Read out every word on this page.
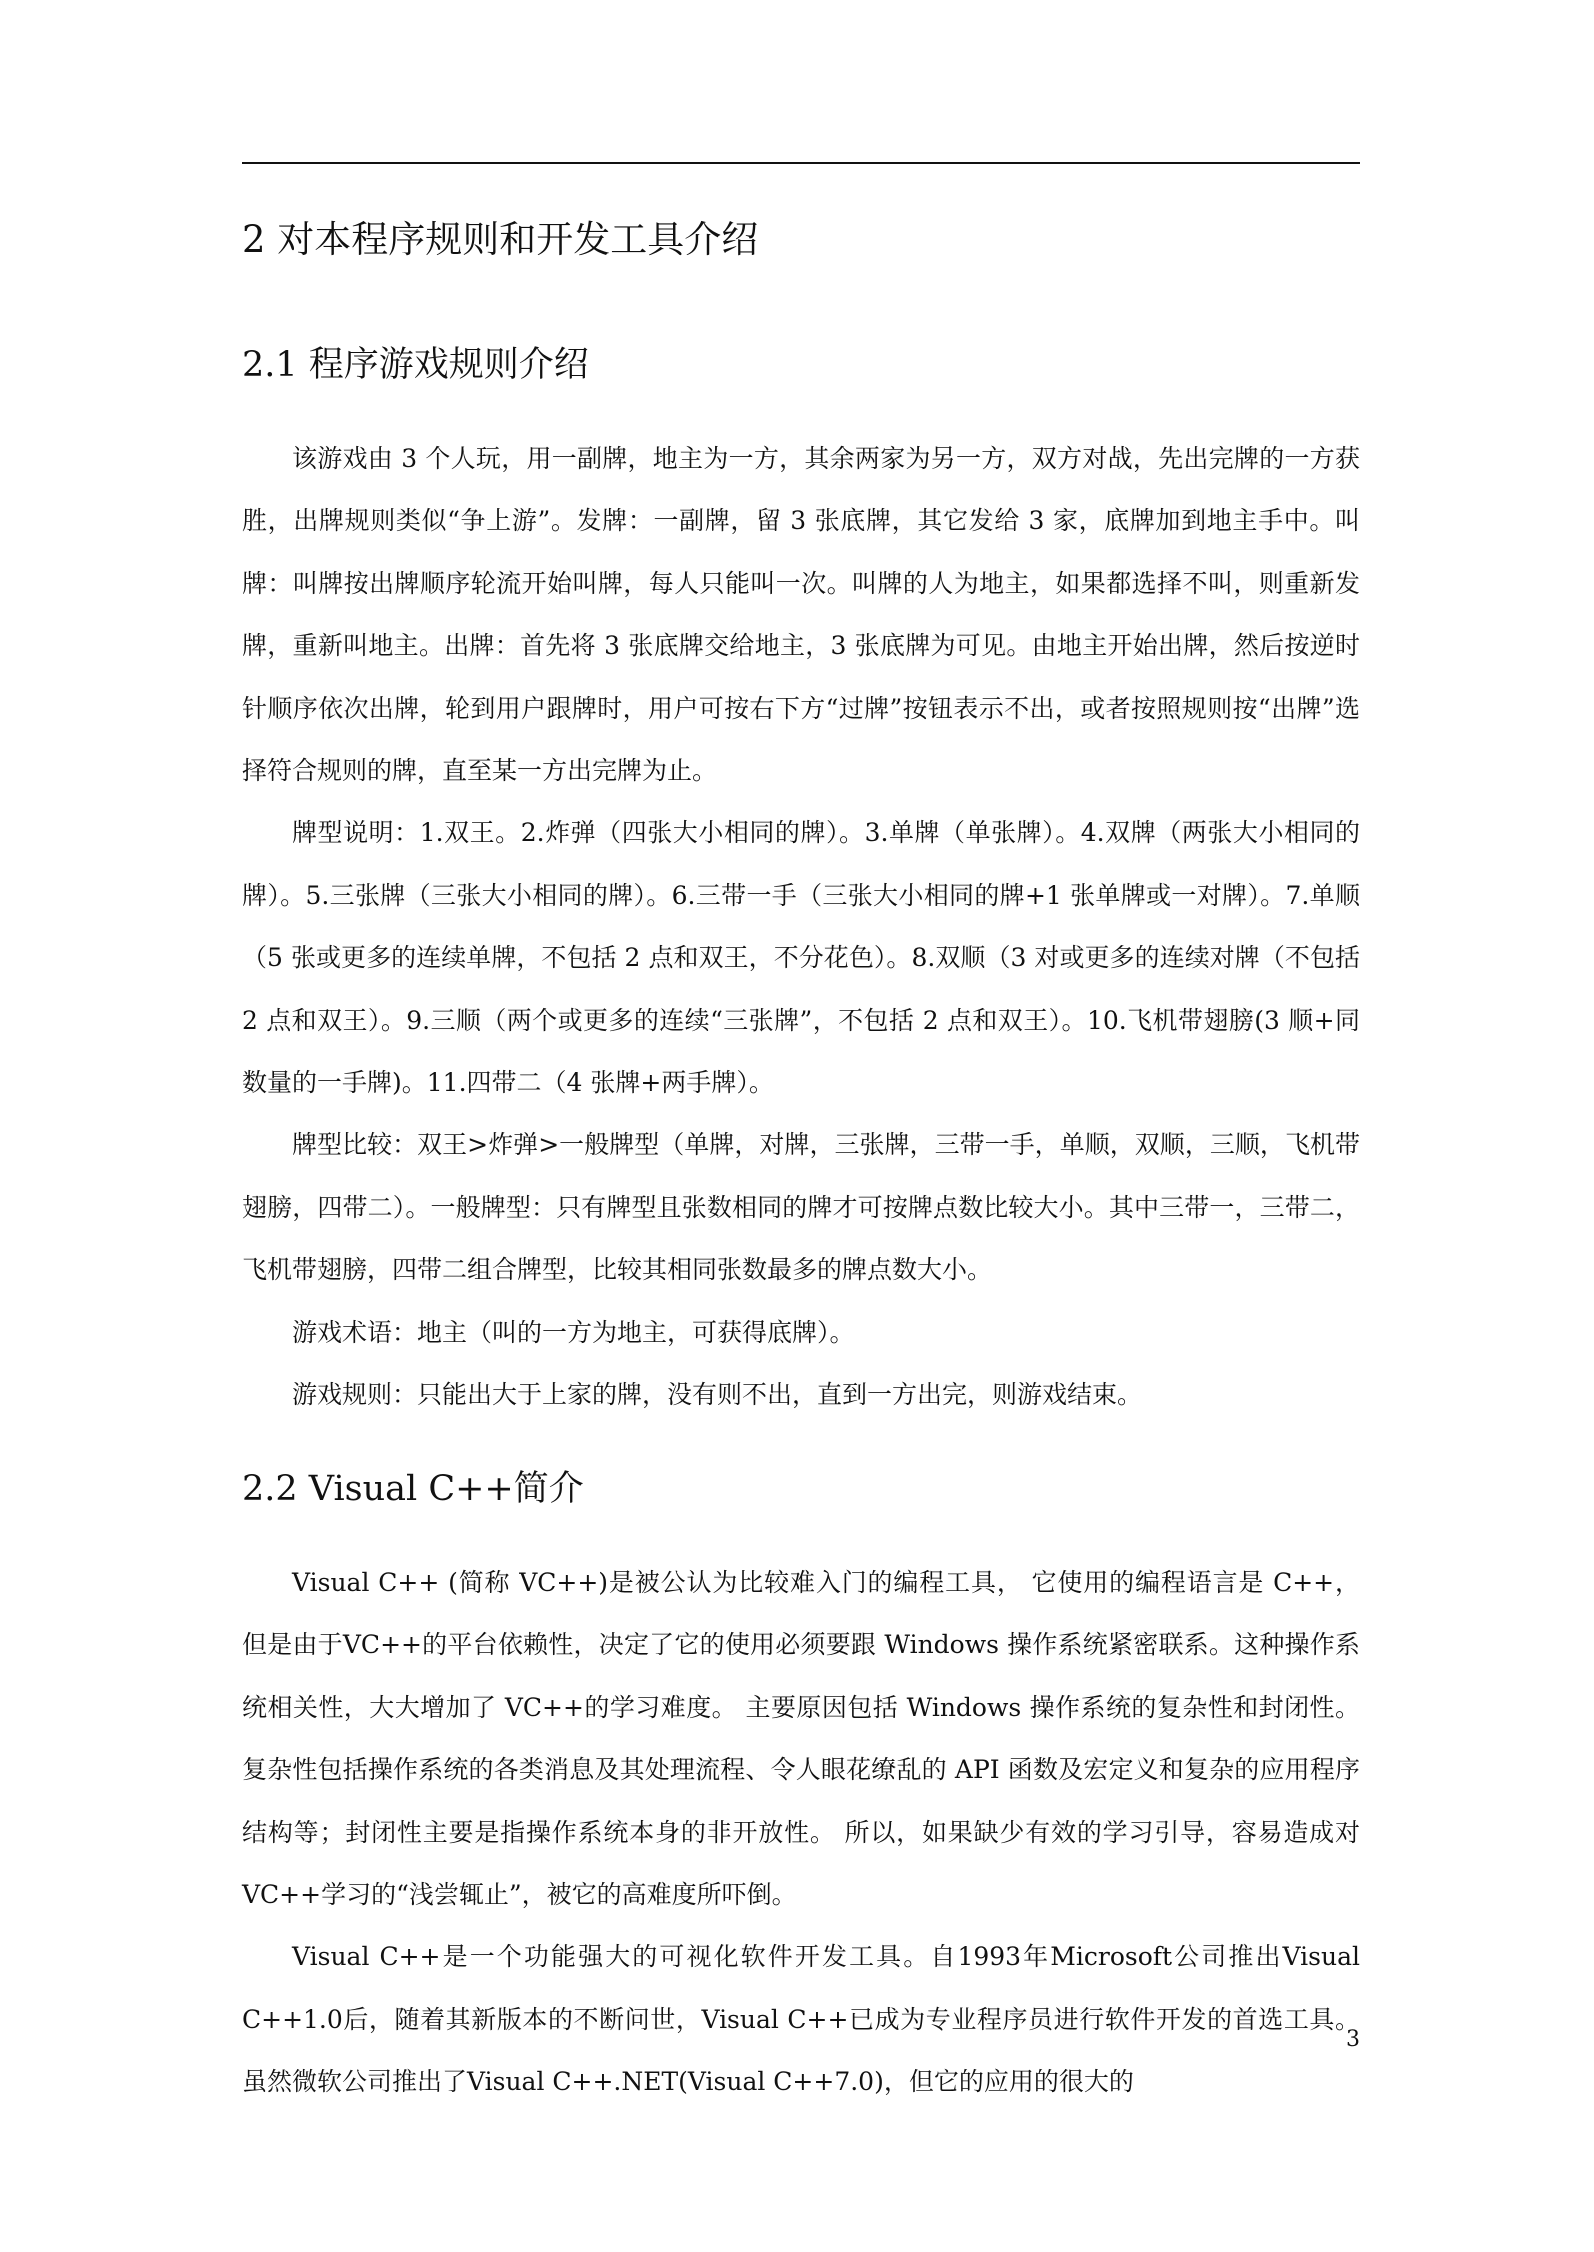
2 对本程序规则和开发工具介绍
2.1 程序游戏规则介绍

该游戏由 3 个人玩，用一副牌，地主为一方，其余两家为另一方，双方对战，先出完牌的一方获胜，出牌规则类似“争上游”。发牌：一副牌，留 3 张底牌，其它发给 3 家，底牌加到地主手中。叫牌：叫牌按出牌顺序轮流开始叫牌，每人只能叫一次。叫牌的人为地主，如果都选择不叫，则重新发牌，重新叫地主。出牌：首先将 3 张底牌交给地主，3 张底牌为可见。由地主开始出牌，然后按逆时针顺序依次出牌，轮到用户跟牌时，用户可按右下方“过牌”按钮表示不出，或者按照规则按“出牌”选择符合规则的牌，直至某一方出完牌为止。

牌型说明：1.双王。2.炸弹（四张大小相同的牌）。3.单牌（单张牌）。4.双牌（两张大小相同的牌）。5.三张牌（三张大小相同的牌）。6.三带一手（三张大小相同的牌+1 张单牌或一对牌）。7.单顺（5 张或更多的连续单牌，不包括 2 点和双王，不分花色）。8.双顺（3 对或更多的连续对牌（不包括 2 点和双王）。9.三顺（两个或更多的连续“三张牌”，不包括 2 点和双王）。10.飞机带翅膀(3 顺+同数量的一手牌)。11.四带二（4 张牌+两手牌）。

牌型比较：双王>炸弹>一般牌型（单牌，对牌，三张牌，三带一手，单顺，双顺，三顺，飞机带翅膀，四带二）。一般牌型：只有牌型且张数相同的牌才可按牌点数比较大小。其中三带一，三带二，飞机带翅膀，四带二组合牌型，比较其相同张数最多的牌点数大小。

游戏术语：地主（叫的一方为地主，可获得底牌）。

游戏规则：只能出大于上家的牌，没有则不出，直到一方出完，则游戏结束。

2.2 Visual C++简介

Visual C++ (简称 VC++)是被公认为比较难入门的编程工具， 它使用的编程语言是 C++， 但是由于VC++的平台依赖性，决定了它的使用必须要跟 Windows 操作系统紧密联系。这种操作系统相关性，大大增加了 VC++的学习难度。 主要原因包括 Windows 操作系统的复杂性和封闭性。复杂性包括操作系统的各类消息及其处理流程、令人眼花缭乱的 API 函数及宏定义和复杂的应用程序结构等；封闭性主要是指操作系统本身的非开放性。 所以，如果缺少有效的学习引导，容易造成对 VC++学习的“浅尝辄止”，被它的高难度所吓倒。

Visual C++是一个功能强大的可视化软件开发工具。自1993年Microsoft公司推出Visual C++1.0后，随着其新版本的不断问世，Visual C++已成为专业程序员进行软件开发的首选工具。 虽然微软公司推出了Visual C++.NET(Visual C++7.0)，但它的应用的很大的

3
